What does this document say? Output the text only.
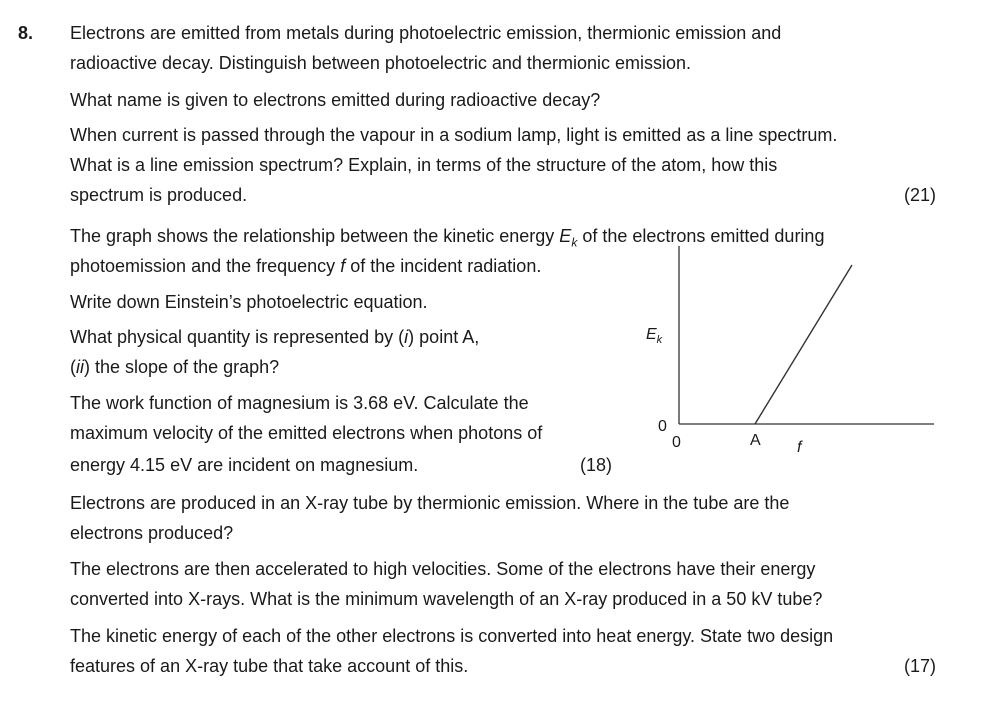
8. Electrons are emitted from metals during photoelectric emission, thermionic emission and
radioactive decay. Distinguish between photoelectric and thermionic emission.
What name is given to electrons emitted during radioactive decay?
When current is passed through the vapour in a sodium lamp, light is emitted as a line spectrum.
What is a line emission spectrum? Explain, in terms of the structure of the atom, how this
spectrum is produced.	(21)
The graph shows the relationship between the kinetic energy $E_k$ of the electrons emitted during
photoemission and the frequency f of the incident radiation.
Write down Einstein’s photoelectric equation.
What physical quantity is represented by (i) point A,
(ii) the slope of the graph?
The work function of magnesium is 3.68 eV. Calculate the
maximum velocity of the emitted electrons when photons of
energy 4.15 eV are incident on magnesium.	(18)
$E_k$
0
0	A f
Electrons are produced in an X-ray tube by thermionic emission. Where in the tube are the
electrons produced?
The electrons are then accelerated to high velocities. Some of the electrons have their energy
converted into X-rays. What is the minimum wavelength of an X-ray produced in a 50 kV tube?
The kinetic energy of each of the other electrons is converted into heat energy. State two design
features of an X-ray tube that take account of this.	(17)
